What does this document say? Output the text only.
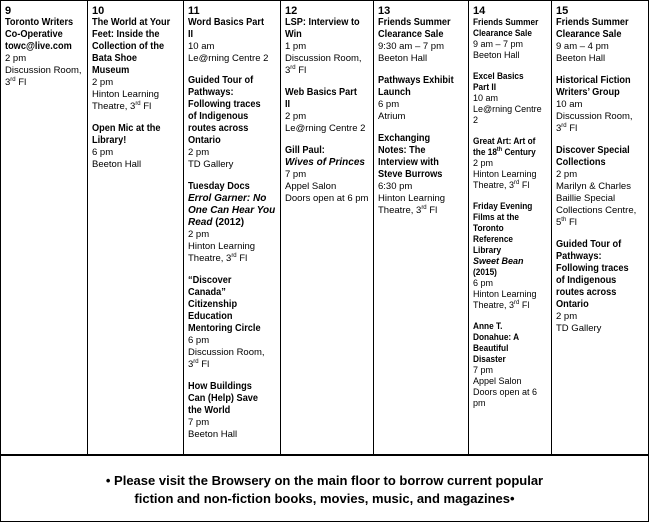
9
Toronto Writers Co-Operative towc@live.com
2 pm
Discussion Room, 3rd Fl
10
The World at Your Feet: Inside the Collection of the Bata Shoe Museum
2 pm
Hinton Learning Theatre, 3rd Fl
Open Mic at the Library!
6 pm
Beeton Hall
11
Word Basics Part II
10 am
Le@rning Centre 2
Guided Tour of Pathways: Following traces of Indigenous routes across Ontario
2 pm
TD Gallery
Tuesday Docs
Errol Garner: No One Can Hear You Read (2012)
2 pm
Hinton Learning Theatre, 3rd Fl
“Discover Canada” Citizenship Education Mentoring Circle
6 pm
Discussion Room, 3rd Fl
How Buildings Can (Help) Save the World
7 pm
Beeton Hall
12
LSP: Interview to Win
1 pm
Discussion Room, 3rd Fl
Web Basics Part II
2 pm
Le@rning Centre 2
Gill Paul:
Wives of Princes
7 pm
Appel Salon
Doors open at 6 pm
13
Friends Summer Clearance Sale
9:30 am – 7 pm
Beeton Hall
Pathways Exhibit Launch
6 pm
Atrium
Exchanging Notes: The Interview with Steve Burrows
6:30 pm
Hinton Learning Theatre, 3rd Fl
14
Friends Summer Clearance Sale
9 am – 7 pm
Beeton Hall
Excel Basics Part II
10 am
Le@rning Centre 2
Great Art: Art of the 18th Century
2 pm
Hinton Learning Theatre, 3rd Fl
Friday Evening Films at the Toronto Reference Library
Sweet Bean
(2015)
6 pm
Hinton Learning Theatre, 3rd Fl
Anne T. Donahue: A Beautiful Disaster
7 pm
Appel Salon
Doors open at 6 pm
15
Friends Summer Clearance Sale
9 am – 4 pm
Beeton Hall
Historical Fiction Writers’ Group
10 am
Discussion Room, 3rd Fl
Discover Special Collections
2 pm
Marilyn & Charles Baillie Special Collections Centre, 5th Fl
Guided Tour of Pathways: Following traces of Indigenous routes across Ontario
2 pm
TD Gallery
• Please visit the Browsery on the main floor to borrow current popular
fiction and non-fiction books, movies, music, and magazines•
